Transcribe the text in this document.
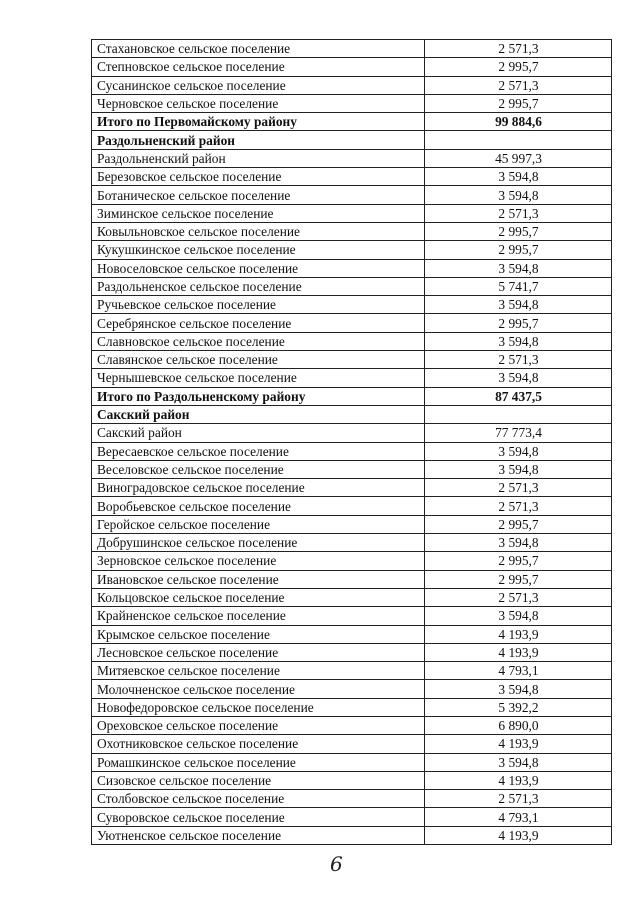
Стахановское сельское поселение	2 571,3
Степновское сельское поселение	2 995,7
Сусанинское сельское поселение	2 571,3
Черновское сельское поселение	2 995,7
Итого по Первомайскому району	99 884,6
Раздольненский район	
Раздольненский район	45 997,3
Березовское сельское поселение	3 594,8
Ботаническое сельское поселение	3 594,8
Зиминское сельское поселение	2 571,3
Ковыльновское сельское поселение	2 995,7
Кукушкинское сельское поселение	2 995,7
Новоселовское сельское поселение	3 594,8
Раздольненское сельское поселение	5 741,7
Ручьевское сельское поселение	3 594,8
Серебрянское сельское поселение	2 995,7
Славновское сельское поселение	3 594,8
Славянское сельское поселение	2 571,3
Чернышевское сельское поселение	3 594,8
Итого по Раздольненскому району	87 437,5
Сакский район	
Сакский район	77 773,4
Вересаевское сельское поселение	3 594,8
Веселовское сельское поселение	3 594,8
Виноградовское сельское поселение	2 571,3
Воробьевское сельское поселение	2 571,3
Геройское сельское поселение	2 995,7
Добрушинское сельское поселение	3 594,8
Зерновское сельское поселение	2 995,7
Ивановское сельское поселение	2 995,7
Кольцовское сельское поселение	2 571,3
Крайненское сельское поселение	3 594,8
Крымское сельское поселение	4 193,9
Лесновское сельское поселение	4 193,9
Митяевское сельское поселение	4 793,1
Молочненское сельское поселение	3 594,8
Новофедоровское сельское поселение	5 392,2
Ореховское сельское поселение	6 890,0
Охотниковское сельское поселение	4 193,9
Ромашкинское сельское поселение	3 594,8
Сизовское сельское поселение	4 193,9
Столбовское сельское поселение	2 571,3
Суворовское сельское поселение	4 793,1
Уютненское сельское поселение	4 193,9
6
